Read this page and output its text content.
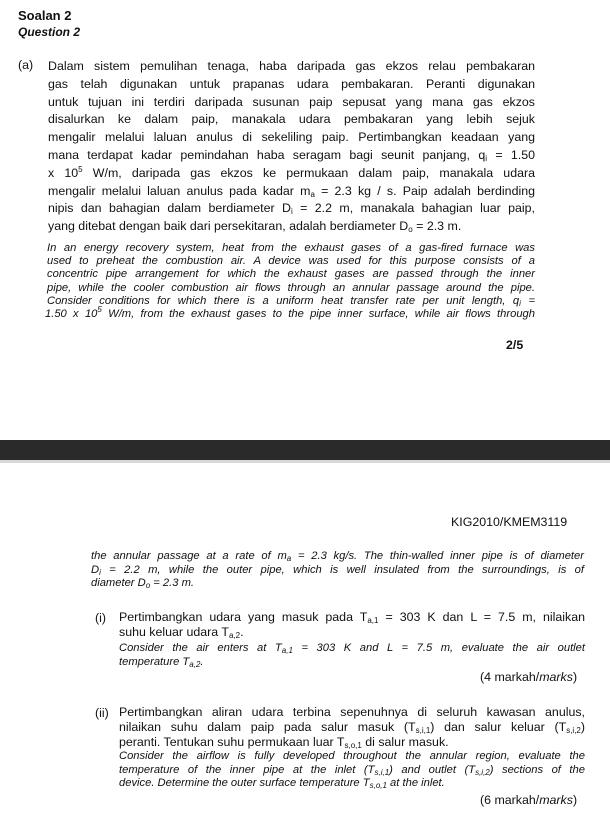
Soalan 2
Question 2
(a) Dalam sistem pemulihan tenaga, haba daripada gas ekzos relau pembakaran
gas telah digunakan untuk prapanas udara pembakaran. Peranti digunakan
untuk tujuan ini terdiri daripada susunan paip sepusat yang mana gas ekzos
disalurkan ke dalam paip, manakala udara pembakaran yang lebih sejuk
mengalir melalui laluan anulus di sekeliling paip. Pertimbangkan keadaan yang
mana terdapat kadar pemindahan haba seragam bagi seunit panjang, $q_i = 1.50$
x $10^5$ W/m, daripada gas ekzos ke permukaan dalam paip, manakala udara
mengalir melalui laluan anulus pada kadar $m_a = 2.3$ kg / s. Paip adalah berdinding
nipis dan bahagian dalam berdiameter $D_i = 2.2$ m, manakala bahagian luar paip,
yang ditebat dengan baik dari persekitaran, adalah berdiameter $D_o = 2.3$ m.
In an energy recovery system, heat from the exhaust gases of a gas-fired furnace was
used to preheat the combustion air. A device was used for this purpose consists of a
concentric pipe arrangement for which the exhaust gases are passed through the inner
pipe, while the cooler combustion air flows through an annular passage around the pipe.
Consider conditions for which there is a uniform heat transfer rate per unit length, $q_i$ =
1.50 x $10^5$ W/m, from the exhaust gases to the pipe inner surface, while air flows through
2/5
KIG2010/KMEM3119
the annular passage at a rate of $m_a = 2.3$ kg/s. The thin-walled inner pipe is of diameter
$D_i = 2.2$ m, while the outer pipe, which is well insulated from the surroundings, is of
diameter $D_o = 2.3$ m.
(i) Pertimbangkan udara yang masuk pada $T_{a,1} = 303$ K dan L = 7.5 m, nilaikan
suhu keluar udara $T_{a,2}$.
Consider the air enters at $T_{a,1} = 303$ K and L = 7.5 m, evaluate the air outlet
temperature $T_{a,2}$.
(4 markah/marks)
(ii) Pertimbangkan aliran udara terbina sepenuhnya di seluruh kawasan anulus,
nilaikan suhu dalam paip pada salur masuk $(T_{s,i,1})$ dan salur keluar $(T_{s,i,2})$
peranti. Tentukan suhu permukaan luar $T_{s,o,1}$ di salur masuk.
Consider the airflow is fully developed throughout the annular region, evaluate the
temperature of the inner pipe at the inlet $(T_{s,i,1})$ and outlet $(T_{s,i,2})$ sections of the
device. Determine the outer surface temperature $T_{s,o,1}$ at the inlet.
(6 markah/marks)
